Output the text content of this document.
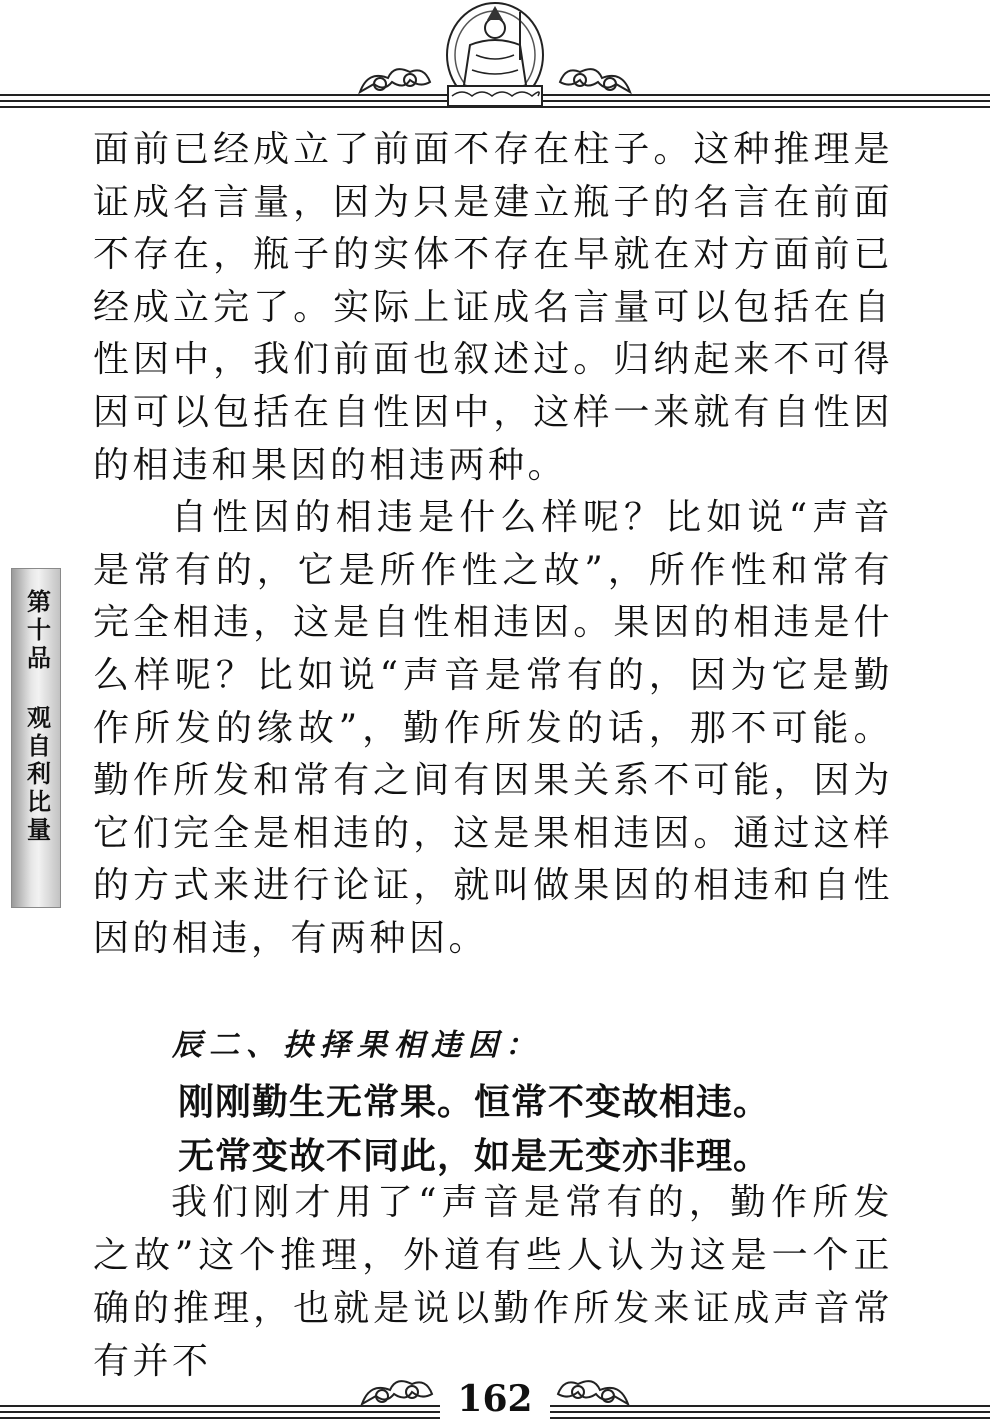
面前已经成立了前面不存在柱子。这种推理是证成名言量，因为只是建立瓶子的名言在前面不存在，瓶子的实体不存在早就在对方面前已经成立完了。实际上证成名言量可以包括在自性因中，我们前面也叙述过。归纳起来不可得因可以包括在自性因中，这样一来就有自性因的相违和果因的相违两种。

自性因的相违是什么样呢？比如说“声音是常有的，它是所作性之故”，所作性和常有完全相违，这是自性相违因。果因的相违是什么样呢？比如说“声音是常有的，因为它是勤作所发的缘故”，勤作所发的话，那不可能。勤作所发和常有之间有因果关系不可能，因为它们完全是相违的，这是果相违因。通过这样的方式来进行论证，就叫做果因的相违和自性因的相违，有两种因。

辰二、抉择果相违因：
刚刚勤生无常果。恒常不变故相违。
无常变故不同此，如是无变亦非理。

我们刚才用了“声音是常有的，勤作所发之故”这个推理，外道有些人认为这是一个正确的推理，也就是说以勤作所发来证成声音常有并不

第十品 观自利比量
162
